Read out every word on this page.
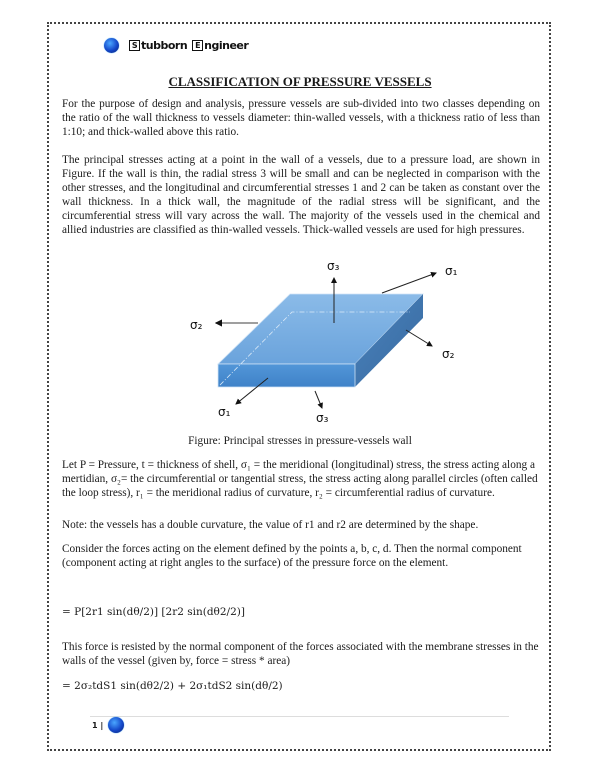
S tubborn	E ngineer
CLASSIFICATION OF PRESSURE VESSELS
For the purpose of design and analysis, pressure vessels are sub-divided into two classes depending on the ratio of the wall thickness to vessels diameter: thin-walled vessels, with a thickness ratio of less than 1:10; and thick-walled above this ratio.
The principal stresses acting at a point in the wall of a vessels, due to a pressure load, are shown in Figure. If the wall is thin, the radial stress 3 will be small and can be neglected in comparison with the other stresses, and the longitudinal and circumferential stresses 1 and 2 can be taken as constant over the wall thickness. In a thick wall, the magnitude of the radial stress will be significant, and the circumferential stress will vary across the wall. The majority of the vessels used in the chemical and allied industries are classified as thin-walled vessels. Thick-walled vessels are used for high pressures.
σ₃	σ₁
σ₂
σ₂
σ₁	σ₃
Figure: Principal stresses in pressure-vessels wall
Let P = Pressure, t = thickness of shell, σ₁ = the meridional (longitudinal) stress, the stress acting along a mertidian, σ₂= the circumferential or tangential stress, the stress acting along parallel circles (often called the loop stress), r₁ = the meridional radius of curvature, r₂ = circumferential radius of curvature.
Note: the vessels has a double curvature, the value of r1 and r2 are determined by the shape.
Consider the forces acting on the element defined by the points a, b, c, d. Then the normal component (component acting at right angles to the surface) of the pressure force on the element.
= P[2r1 sin(dθ/2)] [2r2 sin(dθ2/2)]
This force is resisted by the normal component of the forces associated with the membrane stresses in the walls of the vessel (given by, force = stress * area)
= 2σ₂tdS1 sin(dθ2/2) + 2σ₁tdS2 sin(dθ/2)
1 |
